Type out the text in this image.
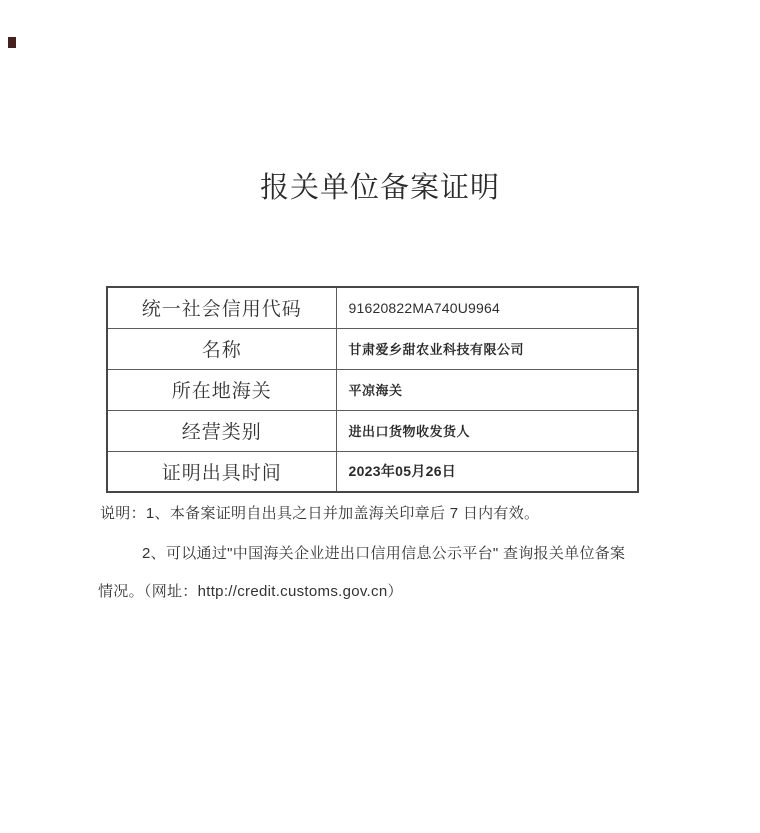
报关单位备案证明
统一社会信用代码	91620822MA740U9964
名称	甘肃爱乡甜农业科技有限公司
所在地海关	平凉海关
经营类别	进出口货物收发货人
证明出具时间	2023年05月26日
说明：1、本备案证明自出具之日并加盖海关印章后 7 日内有效。
2、可以通过"中国海关企业进出口信用信息公示平台" 查询报关单位备案
情况。（网址：http://credit.customs.gov.cn）
